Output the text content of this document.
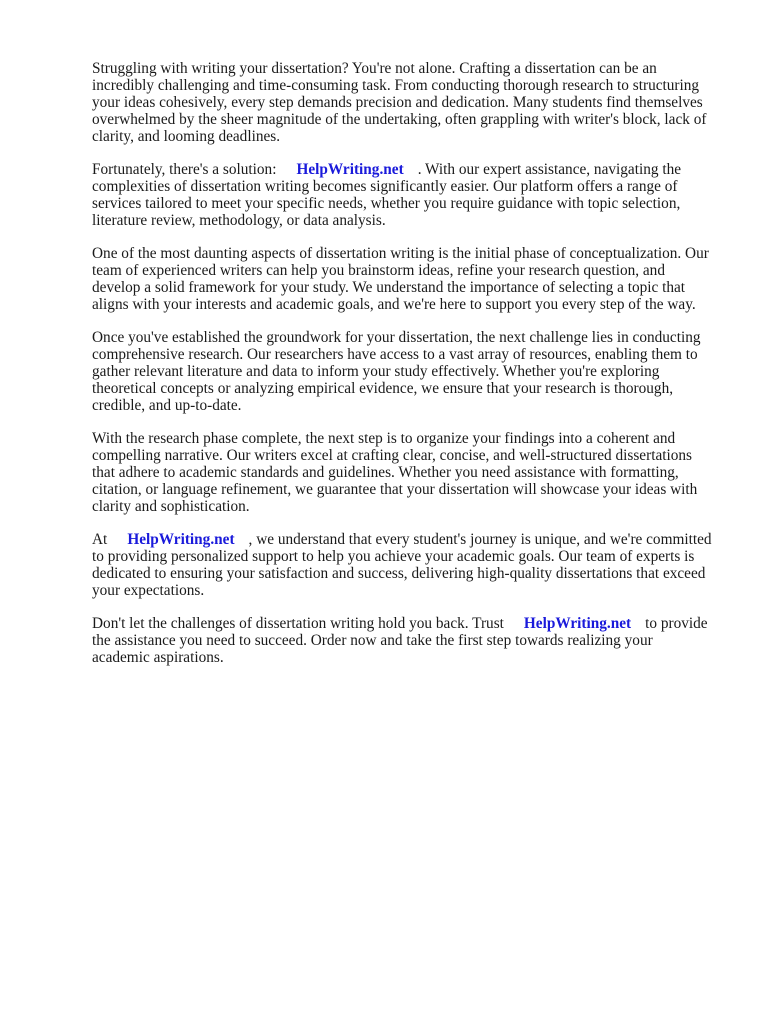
Struggling with writing your dissertation? You're not alone. Crafting a dissertation can be an incredibly challenging and time-consuming task. From conducting thorough research to structuring your ideas cohesively, every step demands precision and dedication. Many students find themselves overwhelmed by the sheer magnitude of the undertaking, often grappling with writer's block, lack of clarity, and looming deadlines.

Fortunately, there's a solution: HelpWriting.net . With our expert assistance, navigating the complexities of dissertation writing becomes significantly easier. Our platform offers a range of services tailored to meet your specific needs, whether you require guidance with topic selection, literature review, methodology, or data analysis.

One of the most daunting aspects of dissertation writing is the initial phase of conceptualization. Our team of experienced writers can help you brainstorm ideas, refine your research question, and develop a solid framework for your study. We understand the importance of selecting a topic that aligns with your interests and academic goals, and we're here to support you every step of the way.

Once you've established the groundwork for your dissertation, the next challenge lies in conducting comprehensive research. Our researchers have access to a vast array of resources, enabling them to gather relevant literature and data to inform your study effectively. Whether you're exploring theoretical concepts or analyzing empirical evidence, we ensure that your research is thorough, credible, and up-to-date.

With the research phase complete, the next step is to organize your findings into a coherent and compelling narrative. Our writers excel at crafting clear, concise, and well-structured dissertations that adhere to academic standards and guidelines. Whether you need assistance with formatting, citation, or language refinement, we guarantee that your dissertation will showcase your ideas with clarity and sophistication.

At HelpWriting.net , we understand that every student's journey is unique, and we're committed to providing personalized support to help you achieve your academic goals. Our team of experts is dedicated to ensuring your satisfaction and success, delivering high-quality dissertations that exceed your expectations.

Don't let the challenges of dissertation writing hold you back. Trust HelpWriting.net to provide the assistance you need to succeed. Order now and take the first step towards realizing your academic aspirations.
